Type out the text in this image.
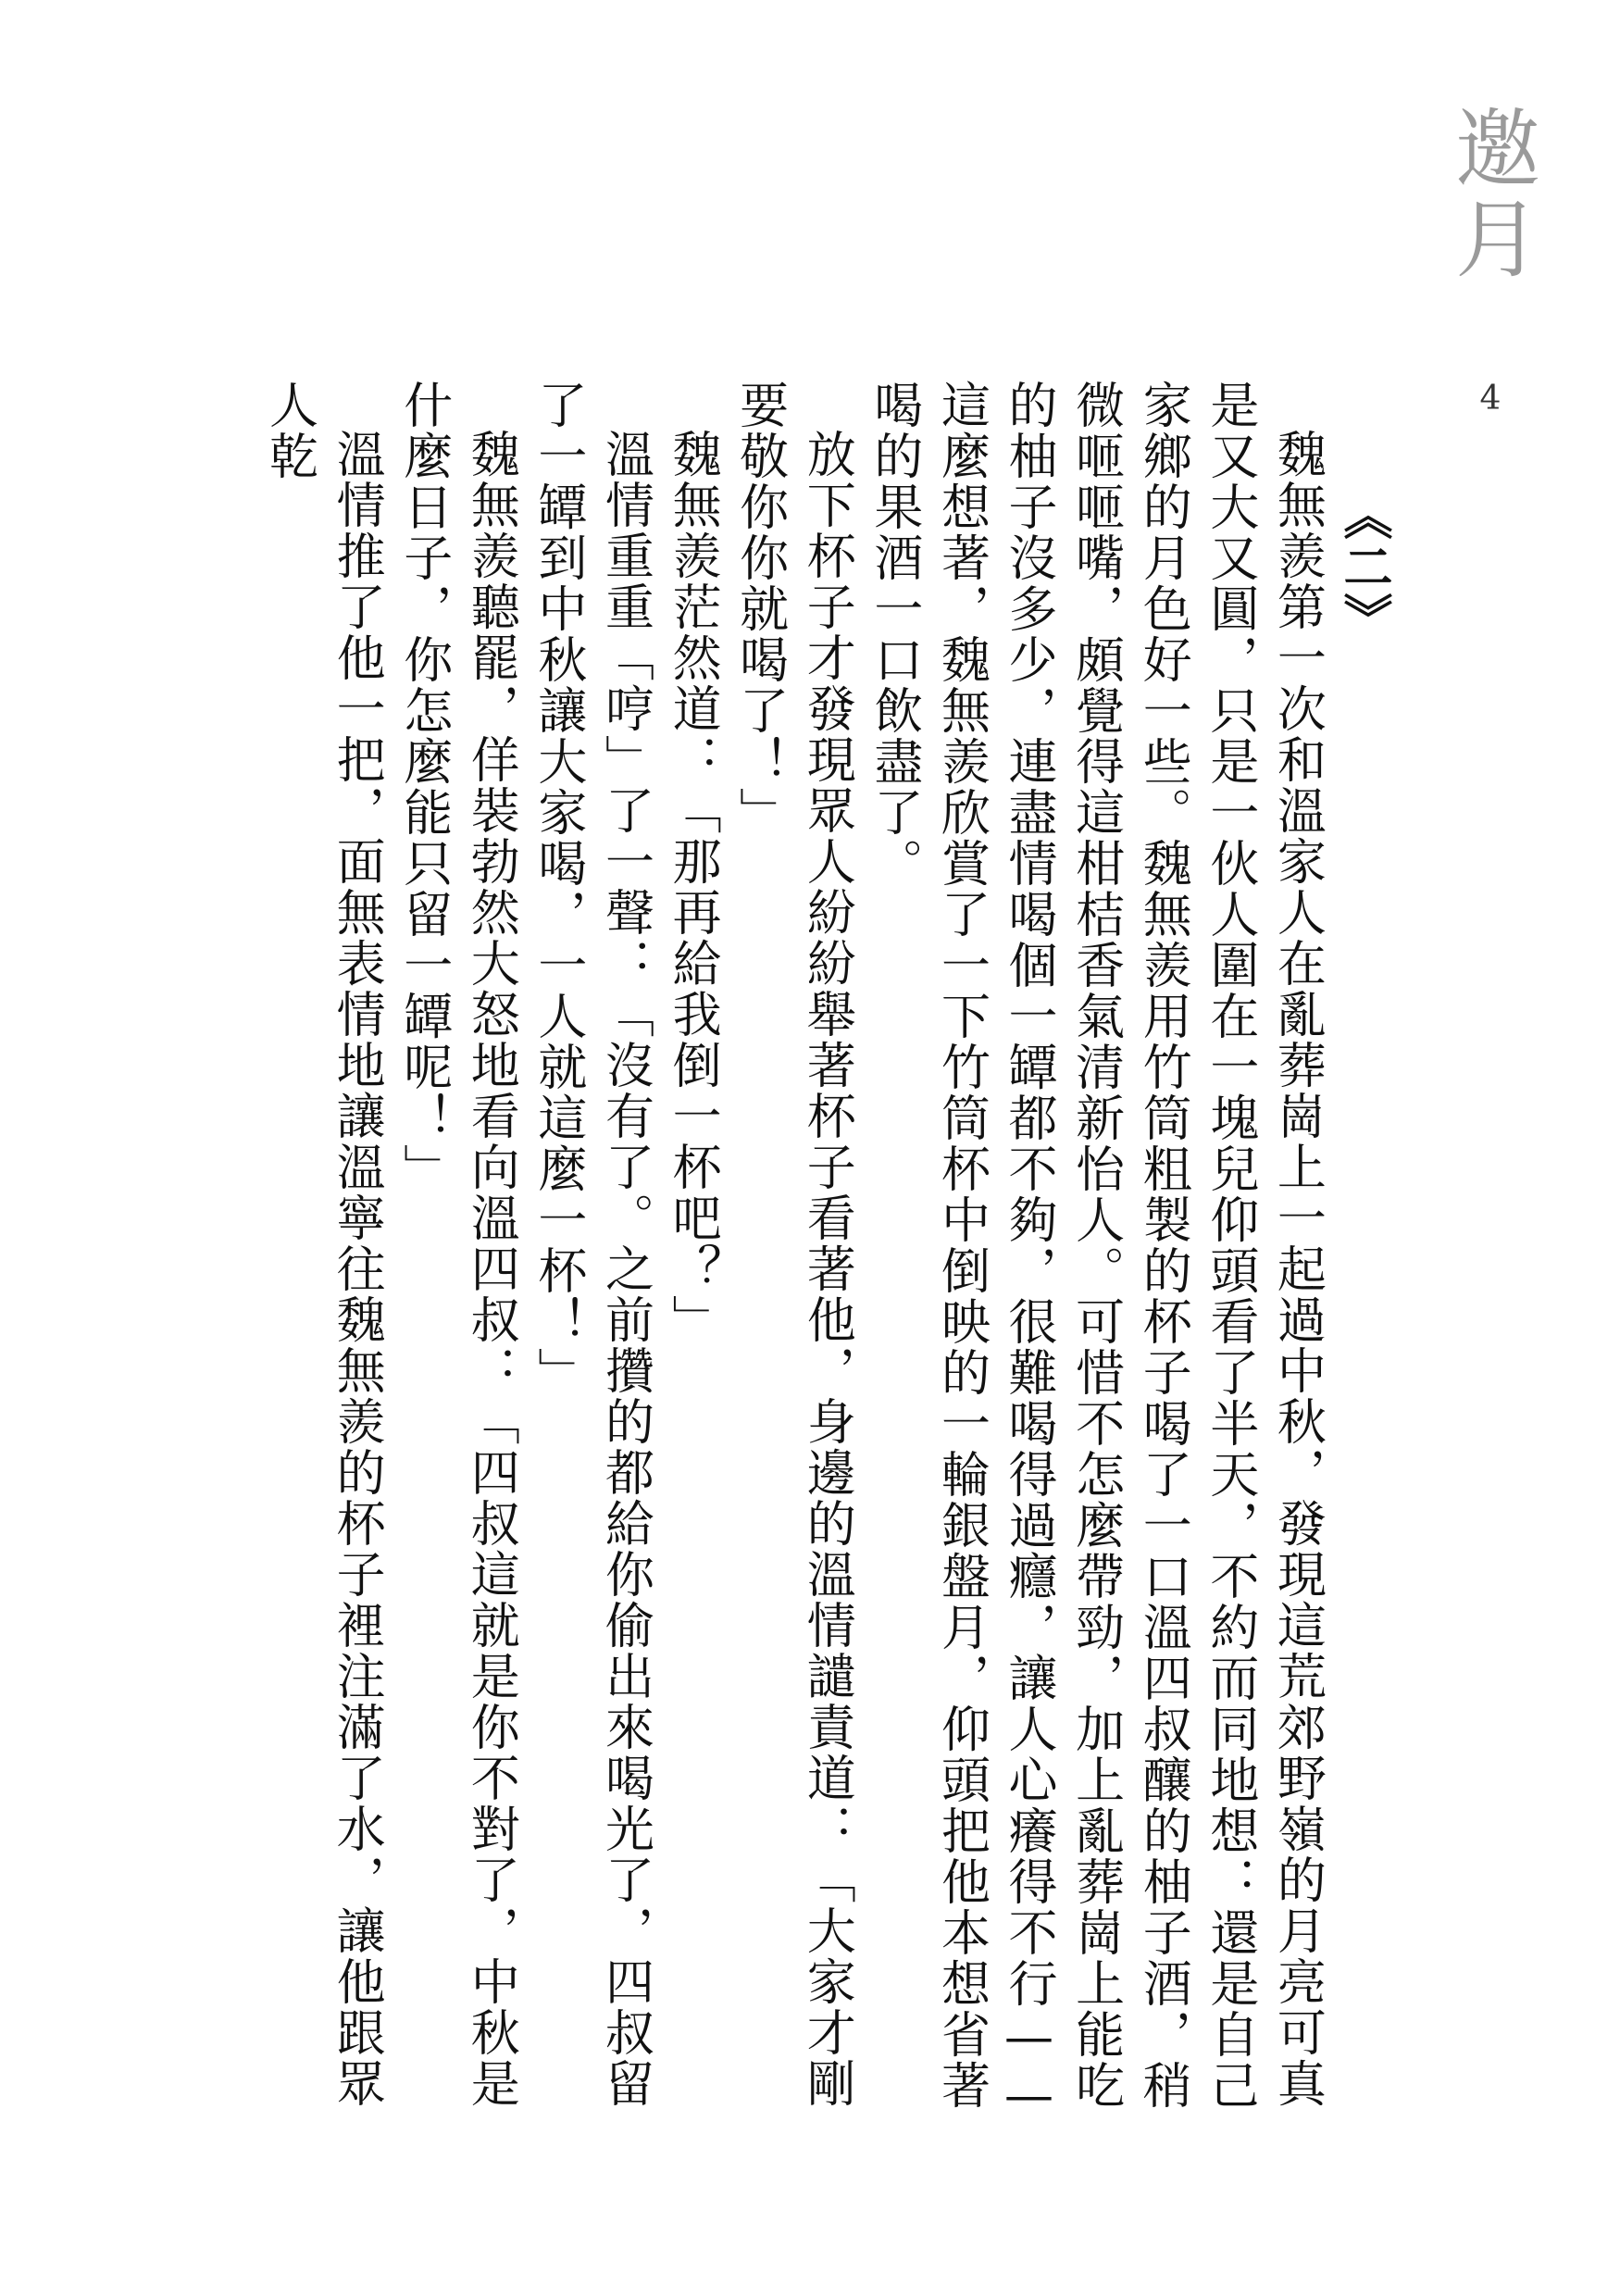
邀月
4
︽二︾

魏無羨第一次和溫家人在亂葬崗上一起過中秋，發現這荒郊野嶺的月亮可真是又大又圓，只是一伙人圍在一塊兒仰頭看了半天，不約而同地想：還是自己家鄉的月色好一些。魏無羨用竹筒粗製的杯子喝了一口溫四叔釀的柚子酒，稍微咂咂嘴，頗覺得這柑桔香氣清新怡人。可惜不怎麼帶勁，加上亂葬崗上能吃的柚子沒多少，連盡情喝個一罈都不夠，很難喝得過癮，讓人心癢得不行——這麼想著，魏無羨欣賞了一下竹筒杯中倒映的一輪銀盤月，仰頭把他本想省著喝的果酒一口飲盡了。

放下杯子才發現眾人紛紛舉著杯子看著他，身邊的溫情譴責道：「大家才剛要敬你你就喝了！」

魏無羨茫然道：「那再給我倒一杯吧？」

溫情重重「哼」了一聲：「沒有了。之前攢的都給你偷出來喝光了，四叔留了一罈到中秋讓大家喝，一人就這麼一杯！」

魏無羨聽罷，佯裝勃然大怒地看向溫四叔：「四叔這就是你不對了，中秋是什麼日子，你怎麼能只留一罈呢！」

溫情推了他一把，面無表情地讓溫寧往魏無羨的杯子裡注滿了水，讓他跟眾人乾
